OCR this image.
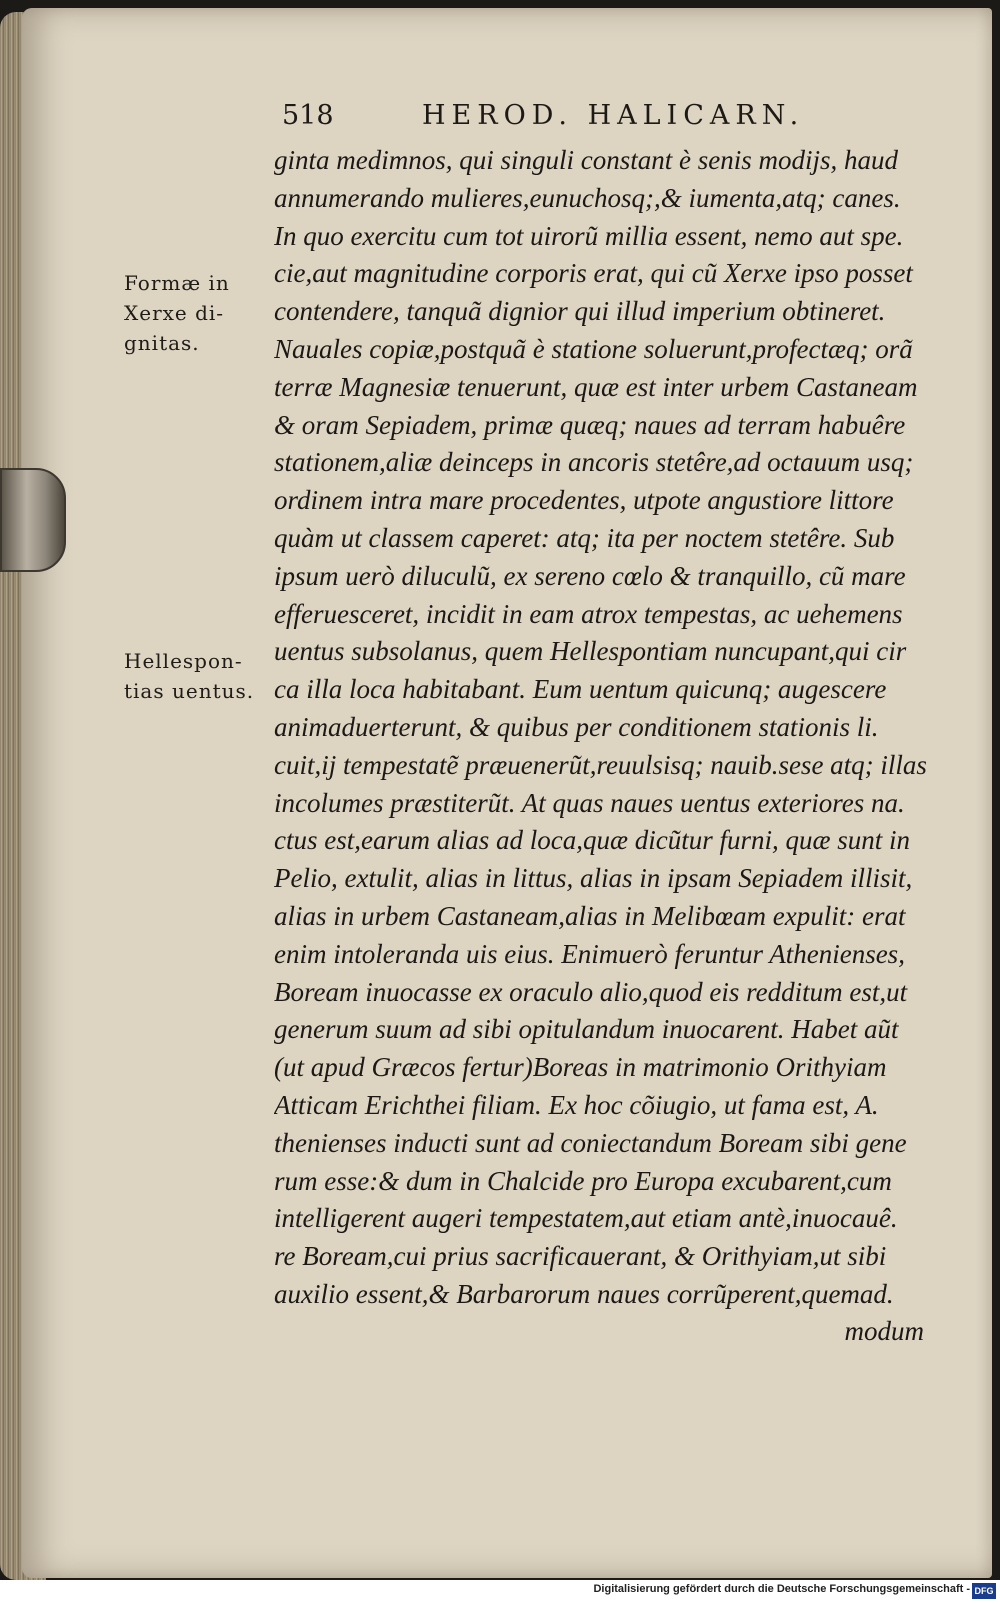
518	HEROD. HALICARN.
Formæ in Xerxe di-gnitas.
Hellespon-tias uentus.
ginta medimnos, qui singuli constant è senis modijs, haud
annumerando mulieres,eunuchosq;,& iumenta,atq; canes.
In quo exercitu cum tot uirorũ millia essent, nemo aut spe.
cie,aut magnitudine corporis erat, qui cũ Xerxe ipso posset
contendere, tanquã dignior qui illud imperium obtineret.
Nauales copiæ,postquã è statione soluerunt,profectæq; orã
terræ Magnesiæ tenuerunt, quæ est inter urbem Castaneam
& oram Sepiadem, primæ quæq; naues ad terram habuêre
stationem,aliæ deinceps in ancoris stetêre,ad octauum usq;
ordinem intra mare procedentes, utpote angustiore littore
quàm ut classem caperet: atq; ita per noctem stetêre. Sub
ipsum uerò diluculũ, ex sereno cœlo & tranquillo, cũ mare
efferuesceret, incidit in eam atrox tempestas, ac uehemens
uentus subsolanus, quem Hellespontiam nuncupant,qui cir
ca illa loca habitabant. Eum uentum quicunq; augescere
animaduerterunt, & quibus per conditionem stationis li.
cuit,ij tempestatẽ præuenerũt,reuulsisq; nauib.sese atq; illas
incolumes præstiterũt. At quas naues uentus exteriores na.
ctus est,earum alias ad loca,quæ dicũtur furni, quæ sunt in
Pelio, extulit, alias in littus, alias in ipsam Sepiadem illisit,
alias in urbem Castaneam,alias in Melibœam expulit: erat
enim intoleranda uis eius. Enimuerò feruntur Athenienses,
Boream inuocasse ex oraculo alio,quod eis redditum est,ut
generum suum ad sibi opitulandum inuocarent. Habet aũt
(ut apud Græcos fertur)Boreas in matrimonio Orithyiam
Atticam Erichthei filiam. Ex hoc cõiugio, ut fama est, A.
thenienses inducti sunt ad coniectandum Boream sibi gene
rum esse:& dum in Chalcide pro Europa excubarent,cum
intelligerent augeri tempestatem,aut etiam antè,inuocauê.
re Boream,cui prius sacrificauerant, & Orithyiam,ut sibi
auxilio essent,& Barbarorum naues corrũperent,quemad.
modum
Digitalisierung gefördert durch die Deutsche Forschungsgemeinschaft - DFG
